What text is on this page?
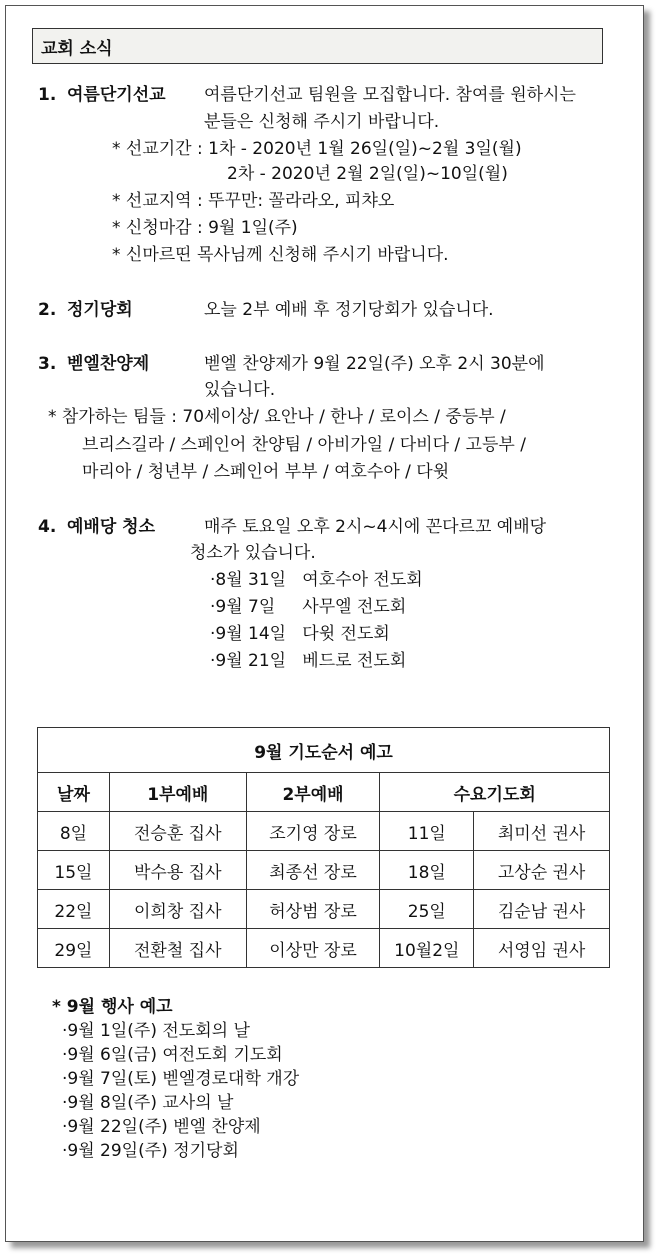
교회 소식
1. 여름단기선교 여름단기선교 팀원을 모집합니다. 참여를 원하시는
분들은 신청해 주시기 바랍니다.
* 선교기간 : 1차 - 2020년 1월 26일(일)~2월 3일(월)
2차 - 2020년 2월 2일(일)~10일(월)
* 선교지역 : 뚜꾸만: 꼴라라오, 피챠오
* 신청마감 : 9월 1일(주)
* 신마르띤 목사님께 신청해 주시기 바랍니다.
2. 정기당회	오늘 2부 예배 후 정기당회가 있습니다.
3. 벧엘찬양제	벧엘 찬양제가 9월 22일(주) 오후 2시 30분에
있습니다.
* 참가하는 팀들 : 70세이상/ 요안나 / 한나 / 로이스 / 중등부 /
브리스길라 / 스페인어 찬양팀 / 아비가일 / 다비다 / 고등부 /
마리아 / 청년부 / 스페인어 부부 / 여호수아 / 다윗
4. 예배당 청소	매주 토요일 오후 2시~4시에 꼰다르꼬 예배당
청소가 있습니다.
·8월 31일   여호수아 전도회
·9월 7일     사무엘 전도회
·9월 14일   다윗 전도회
·9월 21일   베드로 전도회
9월 기도순서 예고				
날짜	1부예배	2부예배	수요기도회	
8일	전승훈 집사	조기영 장로	11일	최미선 권사
15일	박수용 집사	최종선 장로	18일	고상순 권사
22일	이희창 집사	허상범 장로	25일	김순남 권사
29일	전환철 집사	이상만 장로	10월2일	서영임 권사
* 9월 행사 예고
·9월 1일(주) 전도회의 날
·9월 6일(금) 여전도회 기도회
·9월 7일(토) 벧엘경로대학 개강
·9월 8일(주) 교사의 날
·9월 22일(주) 벧엘 찬양제
·9월 29일(주) 정기당회
